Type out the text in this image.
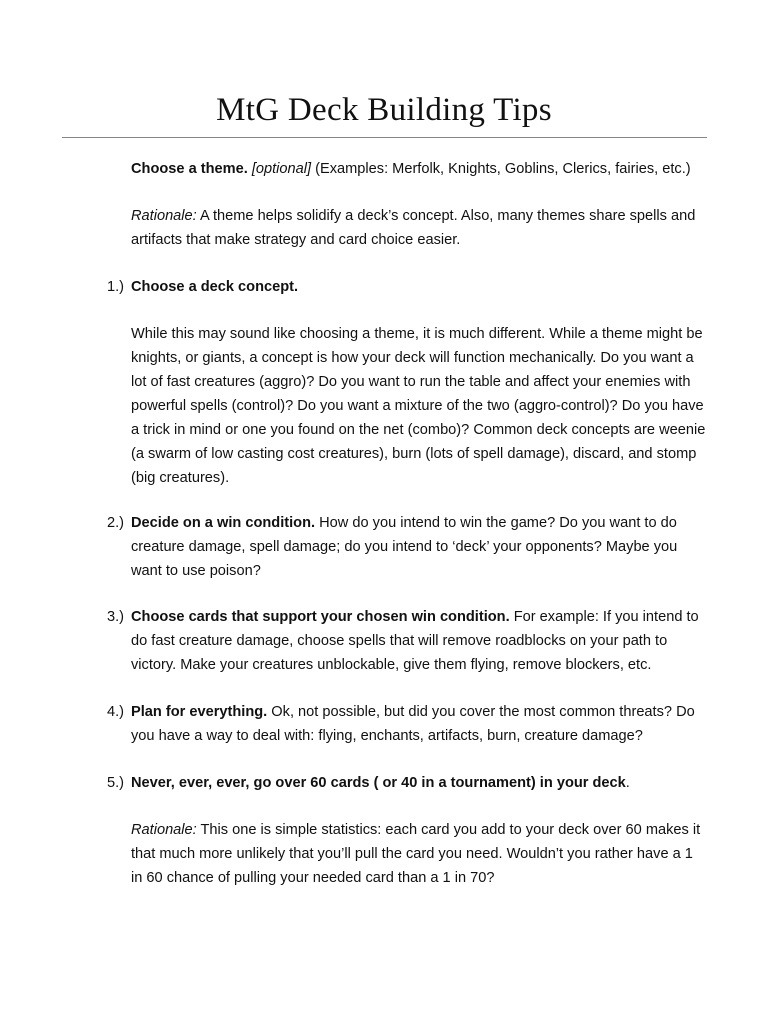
MtG Deck Building Tips
Choose a theme. [optional] (Examples: Merfolk, Knights, Goblins, Clerics, fairies, etc.)
Rationale: A theme helps solidify a deck’s concept. Also, many themes share spells and artifacts that make strategy and card choice easier.
1.) Choose a deck concept.
While this may sound like choosing a theme, it is much different. While a theme might be knights, or giants, a concept is how your deck will function mechanically. Do you want a lot of fast creatures (aggro)? Do you want to run the table and affect your enemies with powerful spells (control)? Do you want a mixture of the two (aggro-control)? Do you have a trick in mind or one you found on the net (combo)? Common deck concepts are weenie (a swarm of low casting cost creatures), burn (lots of spell damage), discard, and stomp (big creatures).
2.) Decide on a win condition. How do you intend to win the game? Do you want to do creature damage, spell damage; do you intend to ‘deck’ your opponents? Maybe you want to use poison?
3.) Choose cards that support your chosen win condition. For example: If you intend to do fast creature damage, choose spells that will remove roadblocks on your path to victory. Make your creatures unblockable, give them flying, remove blockers, etc.
4.) Plan for everything. Ok, not possible, but did you cover the most common threats? Do you have a way to deal with: flying, enchants, artifacts, burn, creature damage?
5.) Never, ever, ever, go over 60 cards ( or 40 in a tournament) in your deck.
Rationale: This one is simple statistics: each card you add to your deck over 60 makes it that much more unlikely that you’ll pull the card you need. Wouldn’t you rather have a 1 in 60 chance of pulling your needed card than a 1 in 70?
